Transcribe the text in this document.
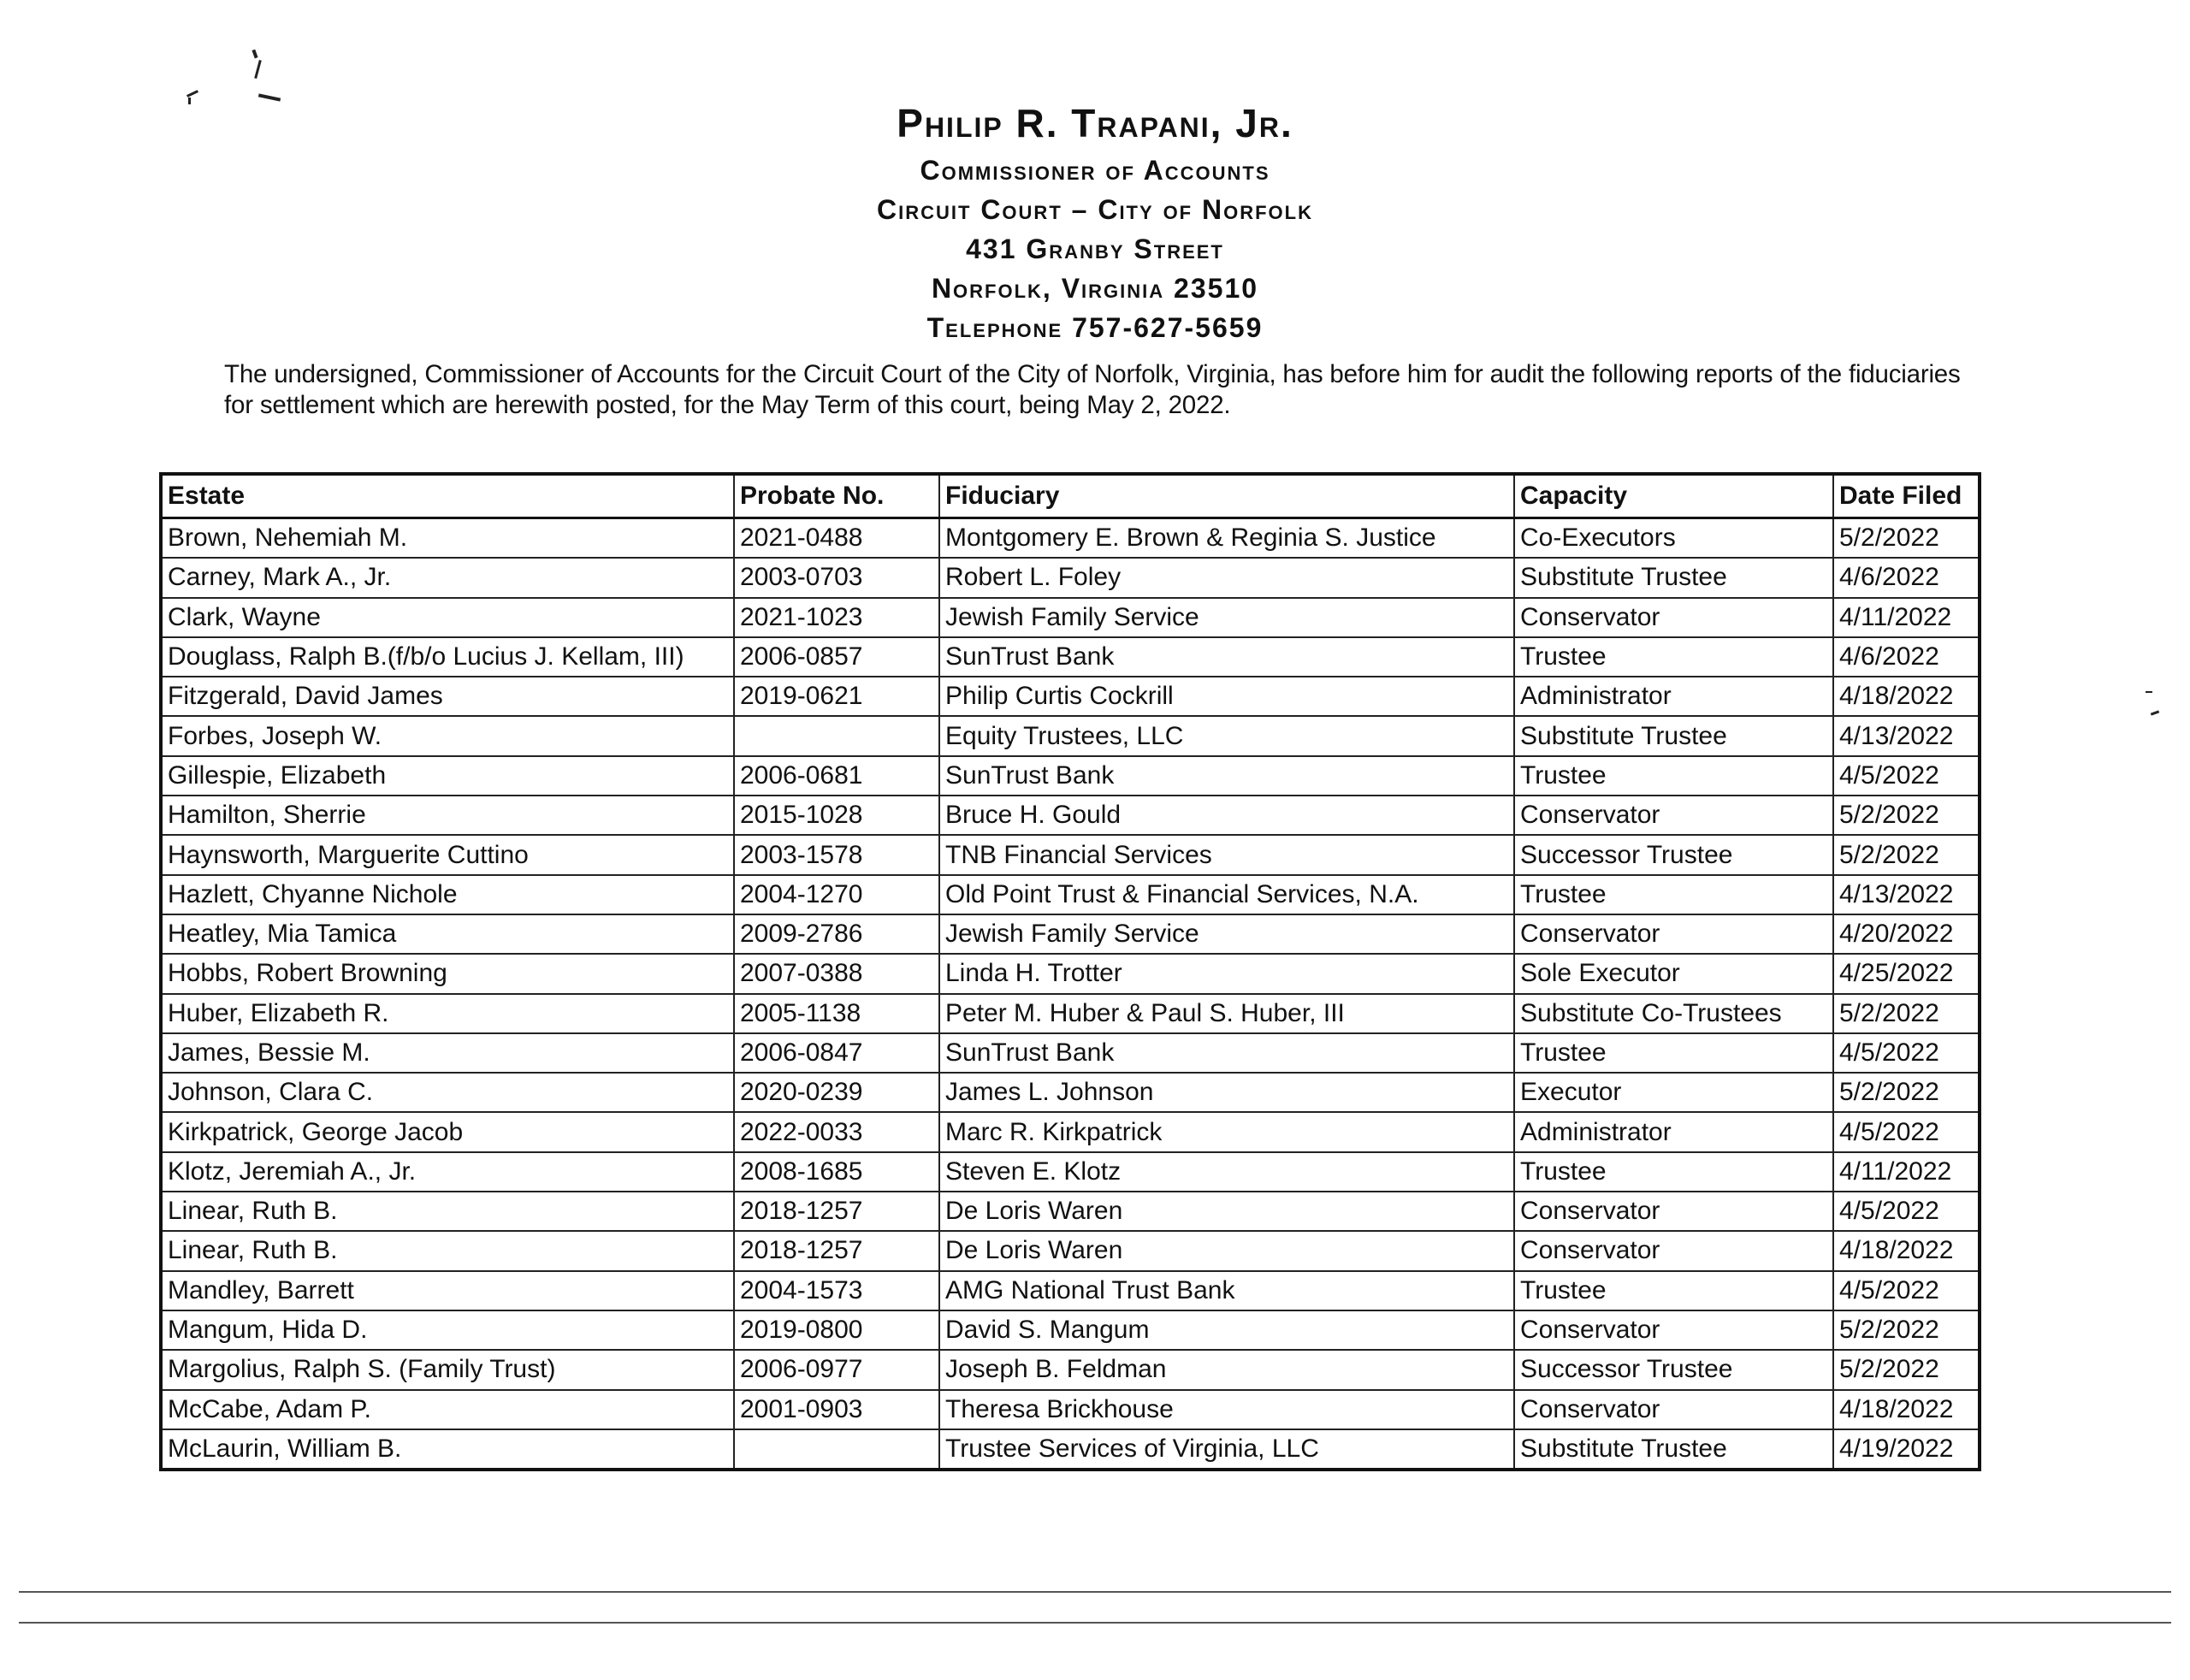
Philip R. Trapani, Jr.
Commissioner of Accounts
Circuit Court – City of Norfolk
431 Granby Street
Norfolk, Virginia 23510
Telephone 757-627-5659
The undersigned, Commissioner of Accounts for the Circuit Court of the City of Norfolk, Virginia, has before him for audit the following reports of the fiduciaries for settlement which are herewith posted, for the May Term of this court, being May 2, 2022.
Estate	Probate No.	Fiduciary	Capacity	Date Filed
Brown, Nehemiah M.	2021-0488	Montgomery E. Brown & Reginia S. Justice	Co-Executors	5/2/2022
Carney, Mark A., Jr.	2003-0703	Robert L. Foley	Substitute Trustee	4/6/2022
Clark, Wayne	2021-1023	Jewish Family Service	Conservator	4/11/2022
Douglass, Ralph B.(f/b/o Lucius J. Kellam, III)	2006-0857	SunTrust Bank	Trustee	4/6/2022
Fitzgerald, David James	2019-0621	Philip Curtis Cockrill	Administrator	4/18/2022
Forbes, Joseph W.		Equity Trustees, LLC	Substitute Trustee	4/13/2022
Gillespie, Elizabeth	2006-0681	SunTrust Bank	Trustee	4/5/2022
Hamilton, Sherrie	2015-1028	Bruce H. Gould	Conservator	5/2/2022
Haynsworth, Marguerite Cuttino	2003-1578	TNB Financial Services	Successor Trustee	5/2/2022
Hazlett, Chyanne Nichole	2004-1270	Old Point Trust & Financial Services, N.A.	Trustee	4/13/2022
Heatley, Mia Tamica	2009-2786	Jewish Family Service	Conservator	4/20/2022
Hobbs, Robert Browning	2007-0388	Linda H. Trotter	Sole Executor	4/25/2022
Huber, Elizabeth R.	2005-1138	Peter M. Huber & Paul S. Huber, III	Substitute Co-Trustees	5/2/2022
James, Bessie M.	2006-0847	SunTrust Bank	Trustee	4/5/2022
Johnson, Clara C.	2020-0239	James L. Johnson	Executor	5/2/2022
Kirkpatrick, George Jacob	2022-0033	Marc R. Kirkpatrick	Administrator	4/5/2022
Klotz, Jeremiah A., Jr.	2008-1685	Steven E. Klotz	Trustee	4/11/2022
Linear, Ruth B.	2018-1257	De Loris Waren	Conservator	4/5/2022
Linear, Ruth B.	2018-1257	De Loris Waren	Conservator	4/18/2022
Mandley, Barrett	2004-1573	AMG National Trust Bank	Trustee	4/5/2022
Mangum, Hida D.	2019-0800	David S. Mangum	Conservator	5/2/2022
Margolius, Ralph S. (Family Trust)	2006-0977	Joseph B. Feldman	Successor Trustee	5/2/2022
McCabe, Adam P.	2001-0903	Theresa Brickhouse	Conservator	4/18/2022
McLaurin, William B.		Trustee Services of Virginia, LLC	Substitute Trustee	4/19/2022
